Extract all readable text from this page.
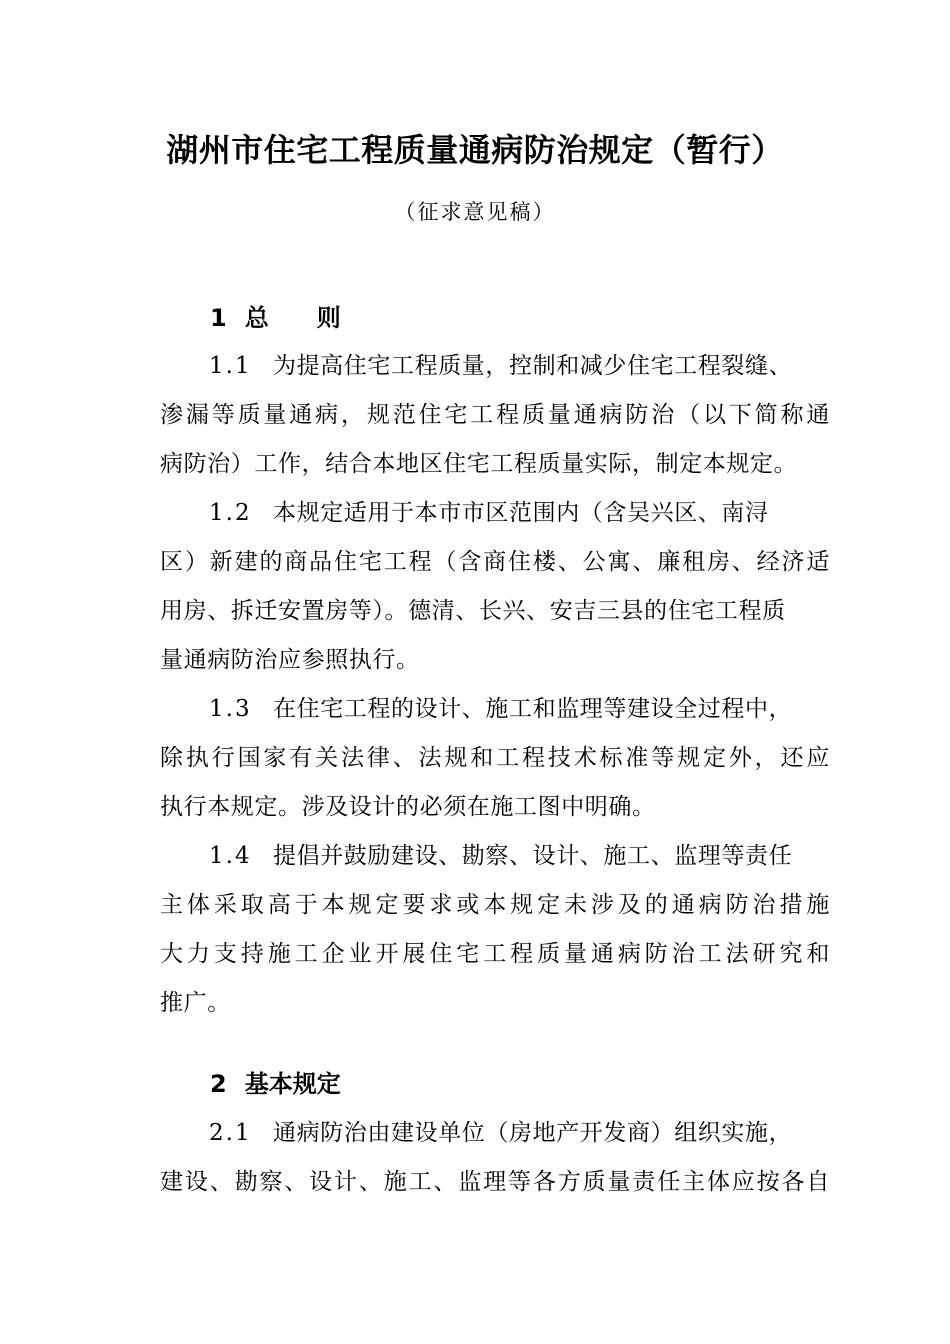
湖州市住宅工程质量通病防治规定（暂行）
（征求意见稿）
1 总 则
1.1 为提高住宅工程质量，控制和减少住宅工程裂缝、
渗漏等质量通病，规范住宅工程质量通病防治（以下简称通
病防治）工作，结合本地区住宅工程质量实际，制定本规定。
1.2 本规定适用于本市市区范围内（含吴兴区、南浔
区）新建的商品住宅工程（含商住楼、公寓、廉租房、经济适
用房、拆迁安置房等）。德清、长兴、安吉三县的住宅工程质
量通病防治应参照执行。
1.3 在住宅工程的设计、施工和监理等建设全过程中，
除执行国家有关法律、法规和工程技术标准等规定外，还应
执行本规定。涉及设计的必须在施工图中明确。
1.4 提倡并鼓励建设、勘察、设计、施工、监理等责任
主体采取高于本规定要求或本规定未涉及的通病防治措施
大力支持施工企业开展住宅工程质量通病防治工法研究和
推广。
2 基本规定
2.1 通病防治由建设单位（房地产开发商）组织实施，
建设、勘察、设计、施工、监理等各方质量责任主体应按各自
